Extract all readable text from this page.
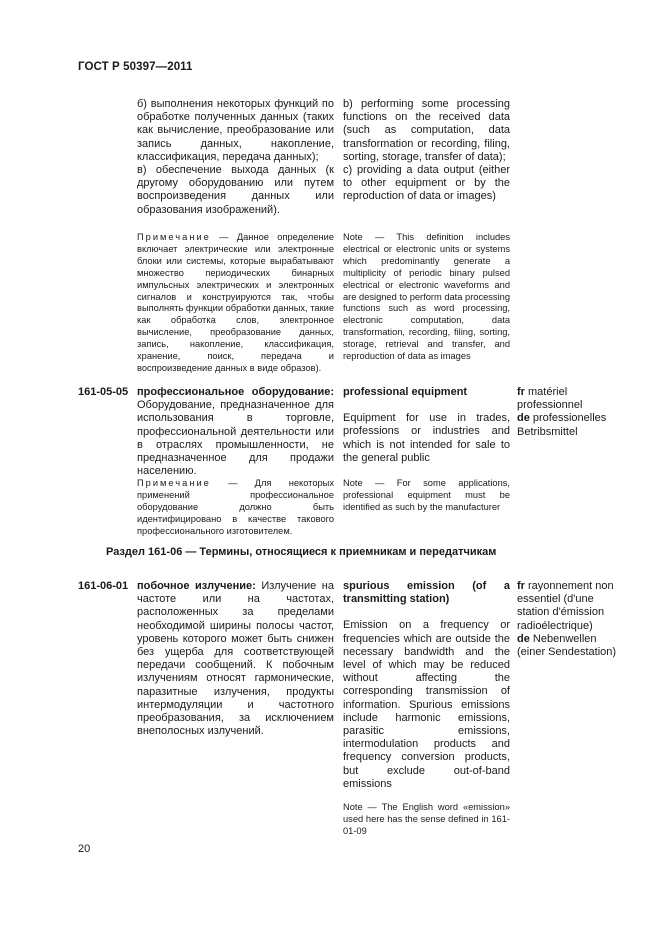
ГОСТ Р 50397—2011

б) выполнения некоторых функций по обработке полученных данных (таких как вычисление, преобразование или запись данных, накопление, классификация, передача данных);
в) обеспечение выхода данных (к другому оборудованию или путем воспроизведения данных или образования изображений).

b) performing some processing functions on the received data (such as computation, data transformation or recording, filing, sorting, storage, transfer of data);
c) providing a data output (either to other equipment or by the reproduction of data or images)

Примечание — Данное определение включает электрические или электронные блоки или системы, которые вырабатывают множество периодических бинарных импульсных электрических и электронных сигналов и конструируются так, чтобы выполнять функции обработки данных, такие как обработка слов, электронное вычисление, преобразование данных, запись, накопление, классификация, хранение, поиск, передача и воспроизведение данных в виде образов).

Note — This definition includes electrical or electronic units or systems which predominantly generate a multiplicity of periodic binary pulsed electrical or electronic waveforms and are designed to perform data processing functions such as word processing, electronic computation, data transformation, recording, filing, sorting, storage, retrieval and transfer, and reproduction of data as images

161-05-05 профессиональное оборудование: Оборудование, предназначенное для использования в торговле, профессиональной деятельности или в отраслях промышленности, не предназначенное для продажи населению.

professional equipment

Equipment for use in trades, professions or industries and which is not intended for sale to the general public

fr matériel professionnel

de professionelles Betribsmittel

Примечание — Для некоторых применений профессиональное оборудование должно быть идентифицировано в качестве такового профессионального изготовителем.

Note — For some applications, professional equipment must be identified as such by the manufacturer

Раздел 161-06 — Термины, относящиеся к приемникам и передатчикам
161-06-01 побочное излучение: Излучение на частоте или на частотах, расположенных за пределами необходимой ширины полосы частот, уровень которого может быть снижен без ущерба для соответствующей передачи сообщений. К побочным излучениям относят гармонические, паразитные излучения, продукты интермодуляции и частотного преобразования, за исключением внеполосных излучений.

spurious emission (of a transmitting station)

Emission on a frequency or frequencies which are outside the necessary bandwidth and the level of which may be reduced without affecting the corresponding transmission of information. Spurious emissions include harmonic emissions, parasitic emissions, intermodulation products and frequency conversion products, but exclude out-of-band emissions

Note — The English word «emission» used here has the sense defined in 161-01-09

fr rayonnement non essentiel (d'une station d'émission radioélectrique)

de Nebenwellen (einer Sendestation)

20
